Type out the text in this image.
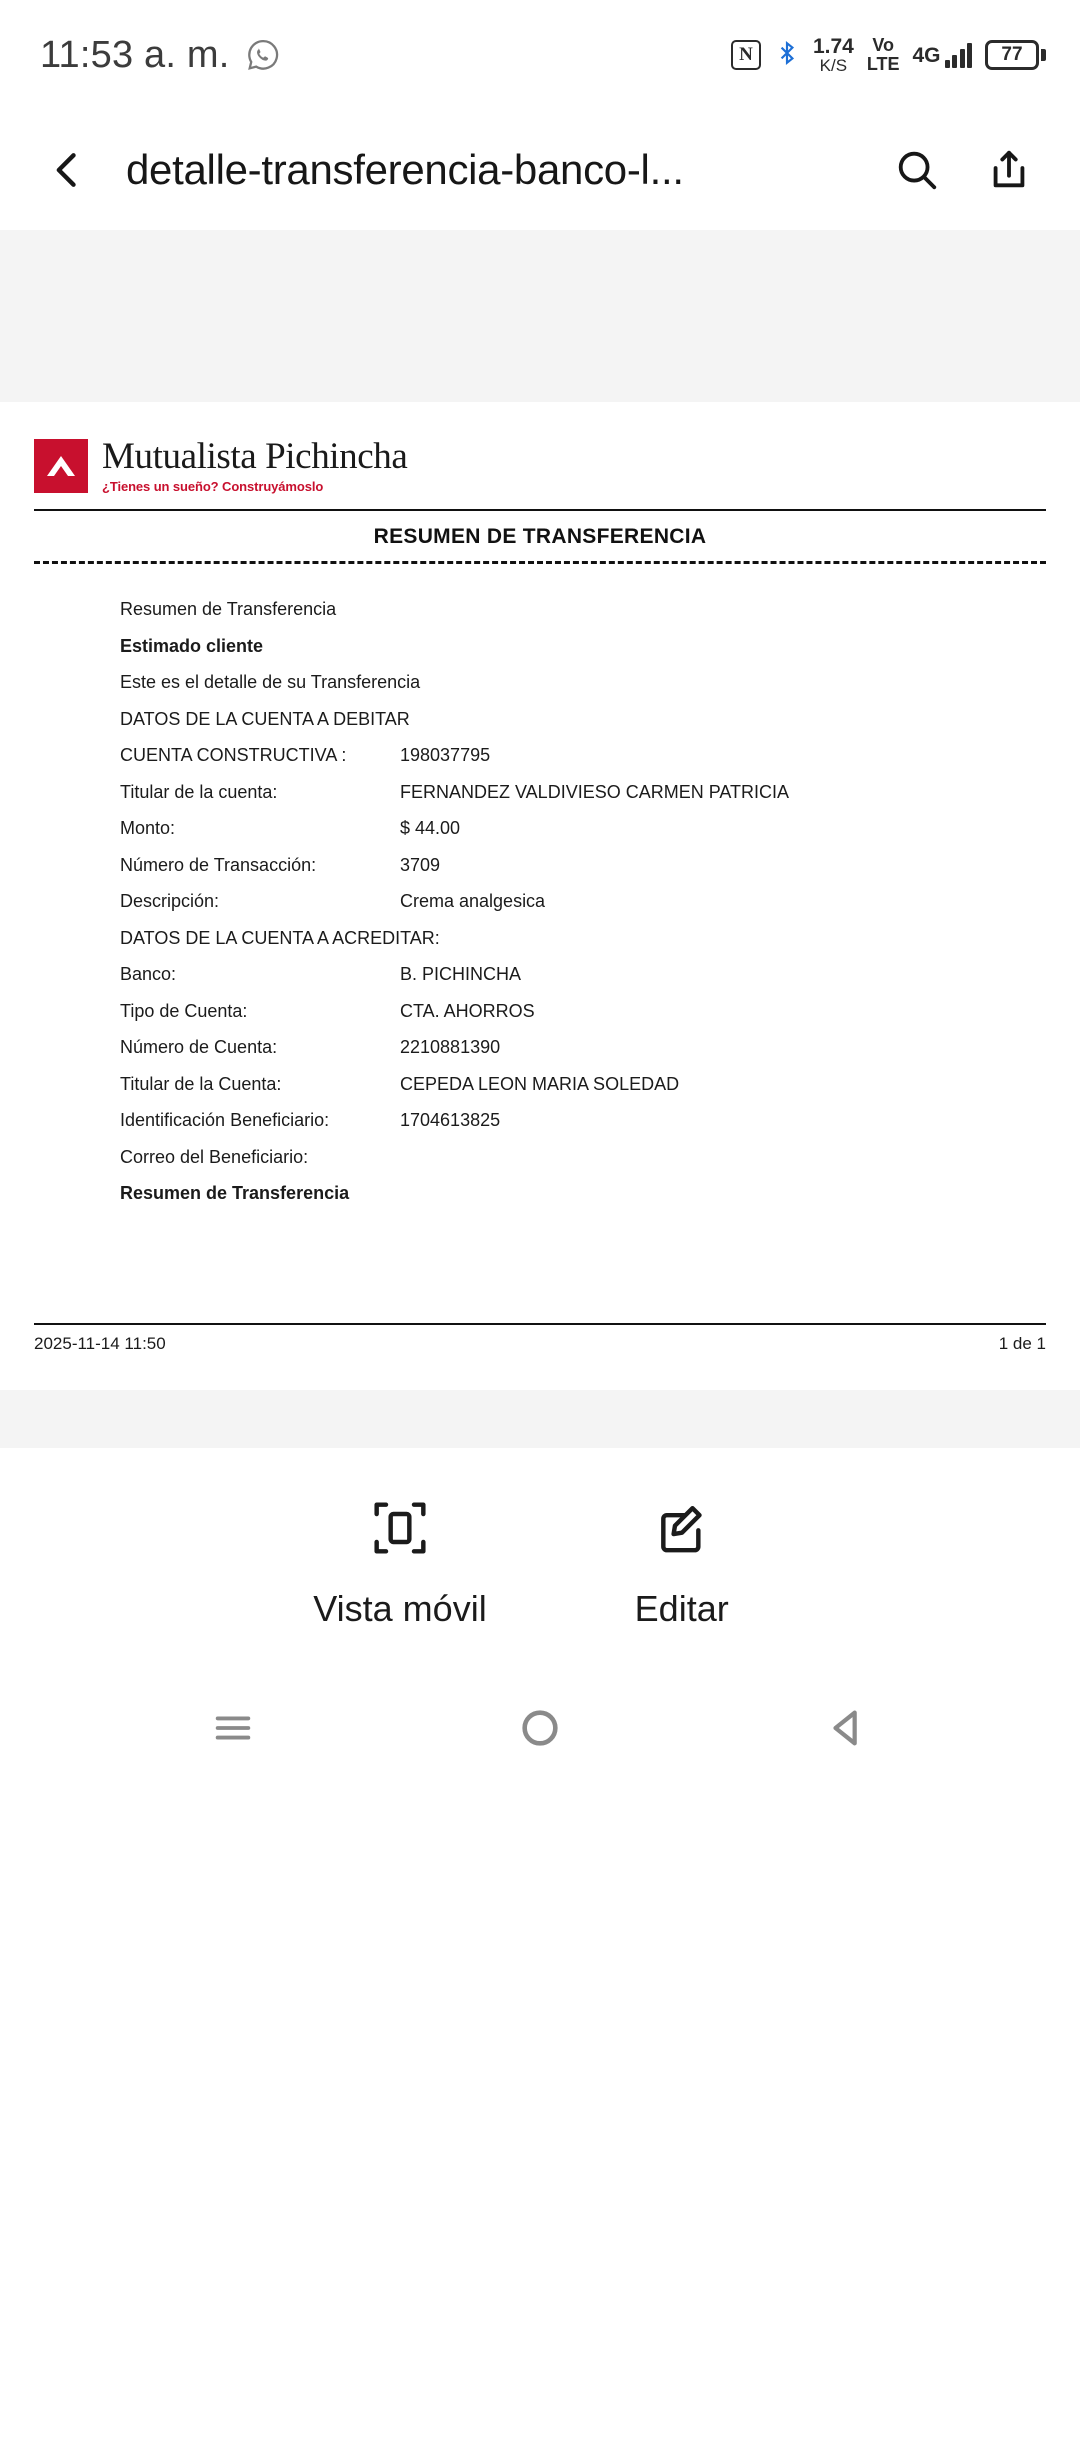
11:53 a. m.	N	1.74
K/S
Vo
LTE 4G	77
detalle-transferencia-banco-l...
Mutualista Pichincha
¿Tienes un sueño? Construyámoslo
RESUMEN DE TRANSFERENCIA
Resumen de Transferencia
Estimado cliente
Este es el detalle de su Transferencia
DATOS DE LA CUENTA A DEBITAR
CUENTA CONSTRUCTIVA :	198037795
Titular de la cuenta:	FERNANDEZ VALDIVIESO CARMEN PATRICIA
Monto:	$ 44.00
Número de Transacción:	3709
Descripción:	Crema analgesica
DATOS DE LA CUENTA A ACREDITAR:
Banco:	B. PICHINCHA
Tipo de Cuenta:	CTA. AHORROS
Número de Cuenta:	2210881390
Titular de la Cuenta:	CEPEDA LEON MARIA SOLEDAD
Identificación Beneficiario:	1704613825
Correo del Beneficiario:
Resumen de Transferencia
2025-11-14 11:50	1 de 1
Vista móvil	Editar
